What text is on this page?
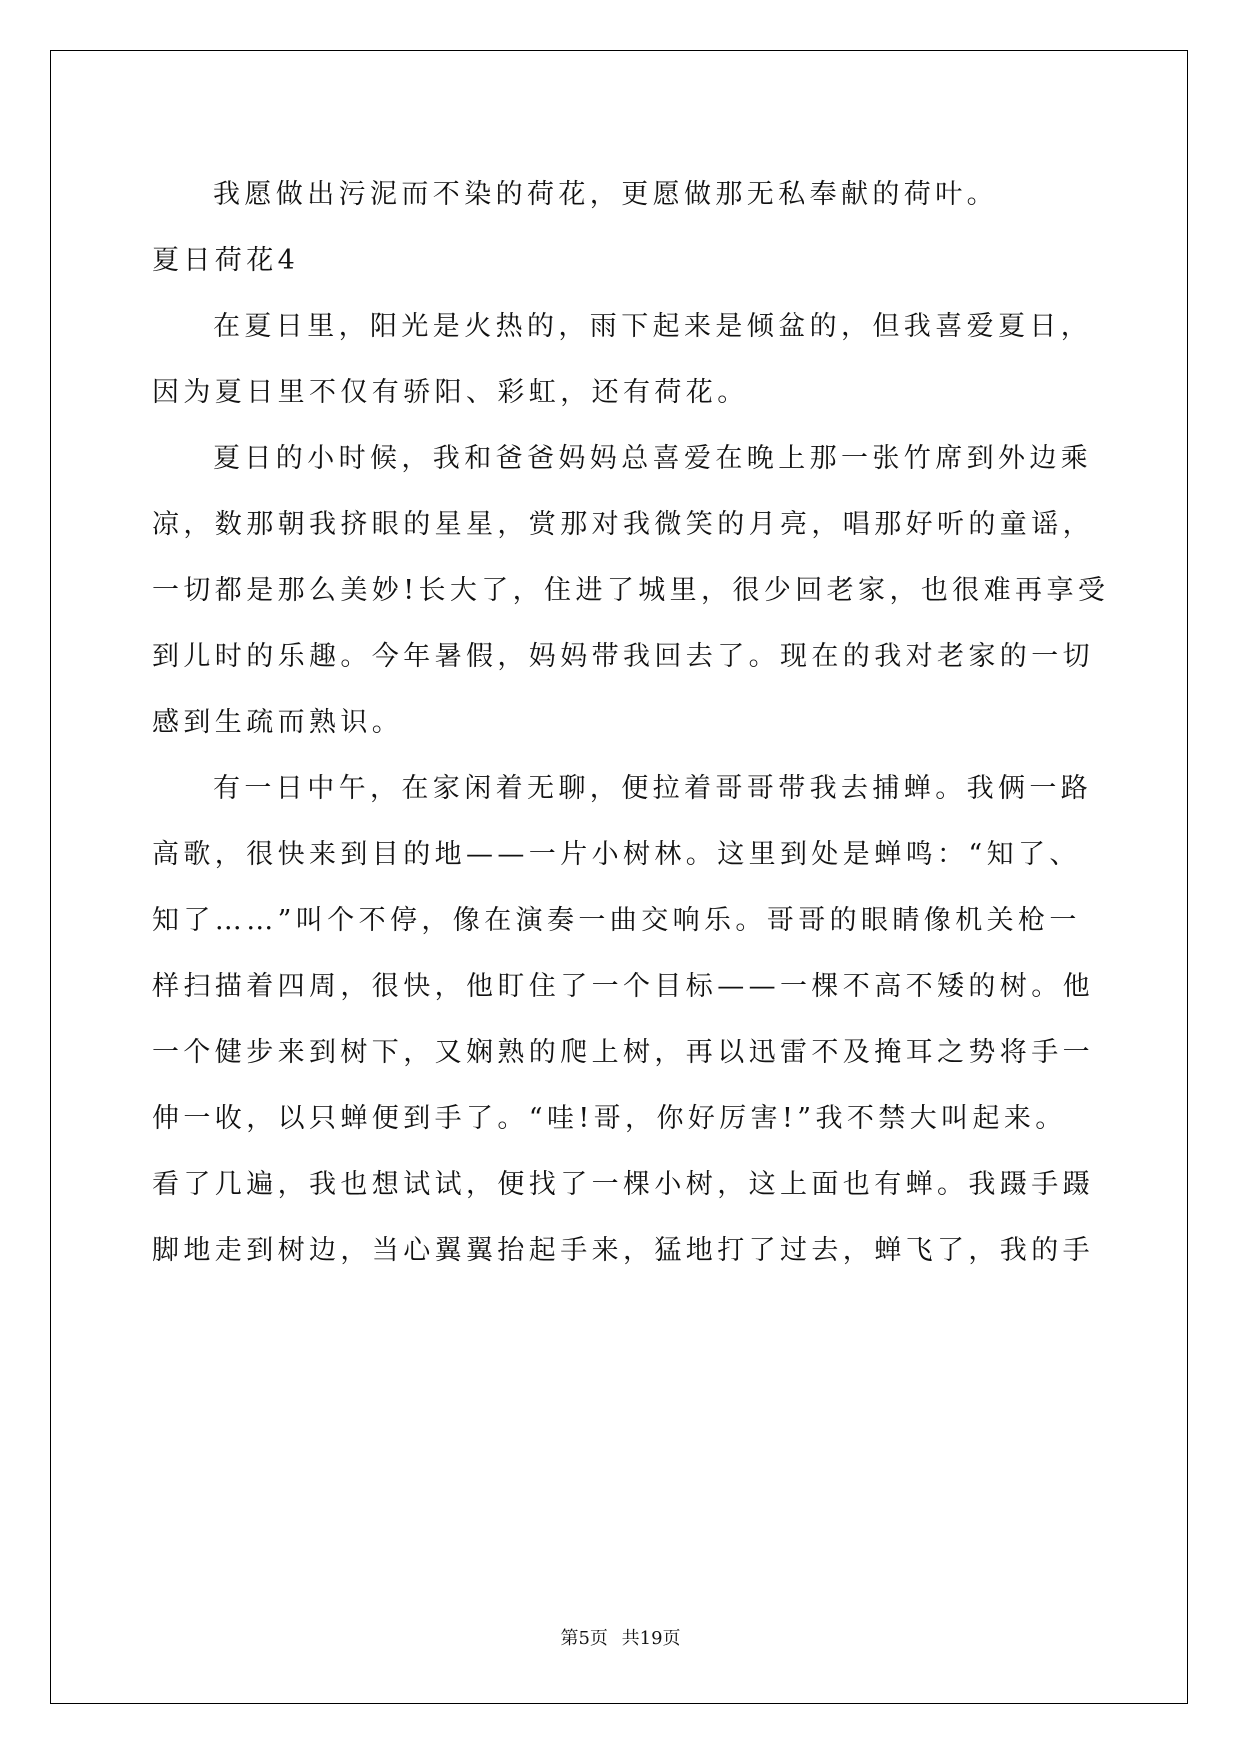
我愿做出污泥而不染的荷花，更愿做那无私奉献的荷叶。
夏日荷花4
在夏日里，阳光是火热的，雨下起来是倾盆的，但我喜爱夏日，
因为夏日里不仅有骄阳、彩虹，还有荷花。
夏日的小时候，我和爸爸妈妈总喜爱在晚上那一张竹席到外边乘
凉，数那朝我挤眼的星星，赏那对我微笑的月亮，唱那好听的童谣，
一切都是那么美妙!长大了，住进了城里，很少回老家，也很难再享受
到儿时的乐趣。今年暑假，妈妈带我回去了。现在的我对老家的一切
感到生疏而熟识。
有一日中午，在家闲着无聊，便拉着哥哥带我去捕蝉。我俩一路
高歌，很快来到目的地——一片小树林。这里到处是蝉鸣：“知了、
知了……”叫个不停，像在演奏一曲交响乐。哥哥的眼睛像机关枪一
样扫描着四周，很快，他盯住了一个目标——一棵不高不矮的树。他
一个健步来到树下，又娴熟的爬上树，再以迅雷不及掩耳之势将手一
伸一收，以只蝉便到手了。“哇!哥，你好厉害!”我不禁大叫起来。
看了几遍，我也想试试，便找了一棵小树，这上面也有蝉。我蹑手蹑
脚地走到树边，当心翼翼抬起手来，猛地打了过去，蝉飞了，我的手
第5页 共19页
